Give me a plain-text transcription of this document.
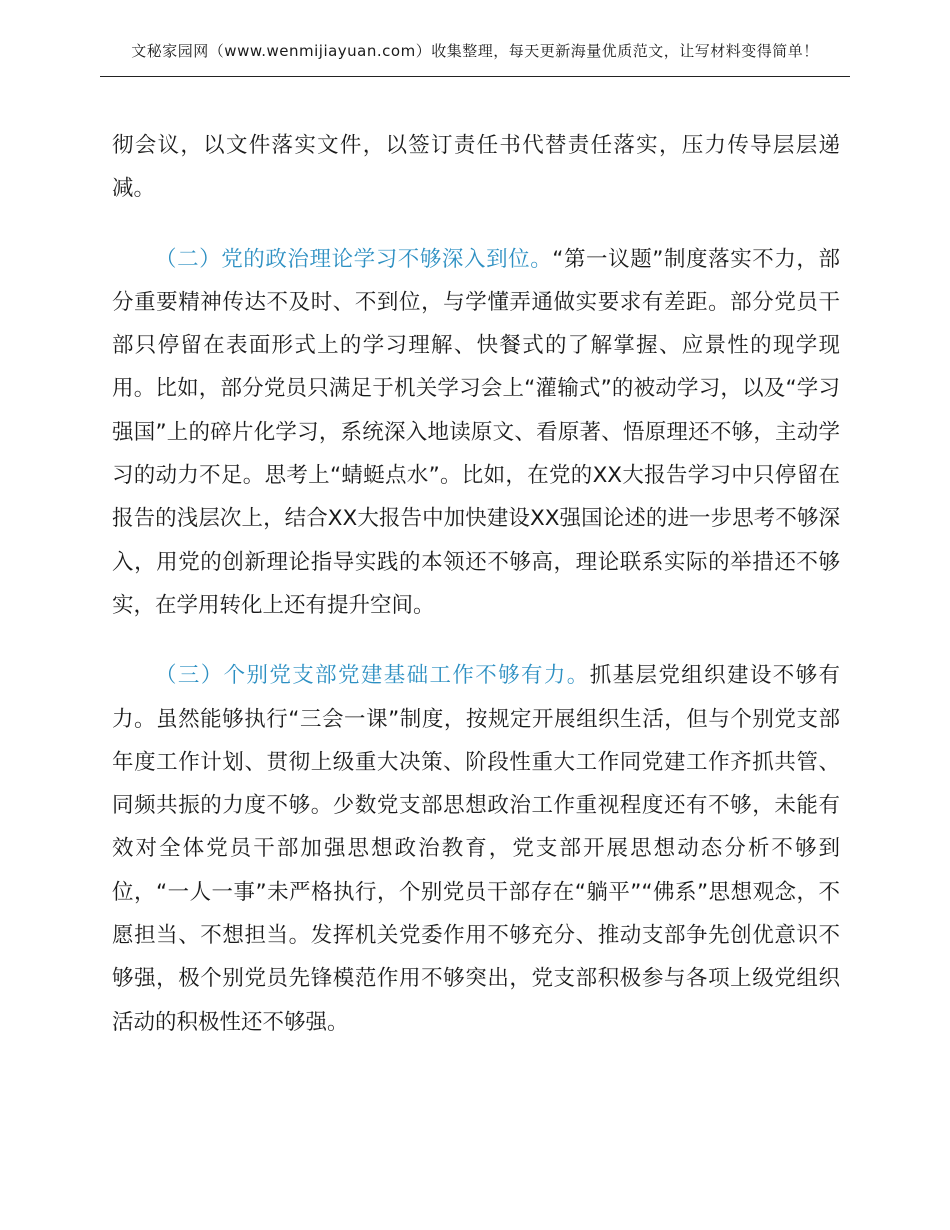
文秘家园网（www.wenmijiayuan.com）收集整理，每天更新海量优质范文，让写材料变得简单！

彻会议，以文件落实文件，以签订责任书代替责任落实，压力传导层层递减。

（二）党的政治理论学习不够深入到位。“第一议题”制度落实不力，部分重要精神传达不及时、不到位，与学懂弄通做实要求有差距。部分党员干部只停留在表面形式上的学习理解、快餐式的了解掌握、应景性的现学现用。比如，部分党员只满足于机关学习会上“灌输式”的被动学习，以及“学习强国”上的碎片化学习，系统深入地读原文、看原著、悟原理还不够，主动学习的动力不足。思考上“蜻蜓点水”。比如，在党的XX大报告学习中只停留在报告的浅层次上，结合XX大报告中加快建设XX强国论述的进一步思考不够深入，用党的创新理论指导实践的本领还不够高，理论联系实际的举措还不够实，在学用转化上还有提升空间。

（三）个别党支部党建基础工作不够有力。抓基层党组织建设不够有力。虽然能够执行“三会一课”制度，按规定开展组织生活，但与个别党支部年度工作计划、贯彻上级重大决策、阶段性重大工作同党建工作齐抓共管、同频共振的力度不够。少数党支部思想政治工作重视程度还有不够，未能有效对全体党员干部加强思想政治教育，党支部开展思想动态分析不够到位，“一人一事”未严格执行，个别党员干部存在“躺平”“佛系”思想观念，不愿担当、不想担当。发挥机关党委作用不够充分、推动支部争先创优意识不够强，极个别党员先锋模范作用不够突出，党支部积极参与各项上级党组织活动的积极性还不够强。
